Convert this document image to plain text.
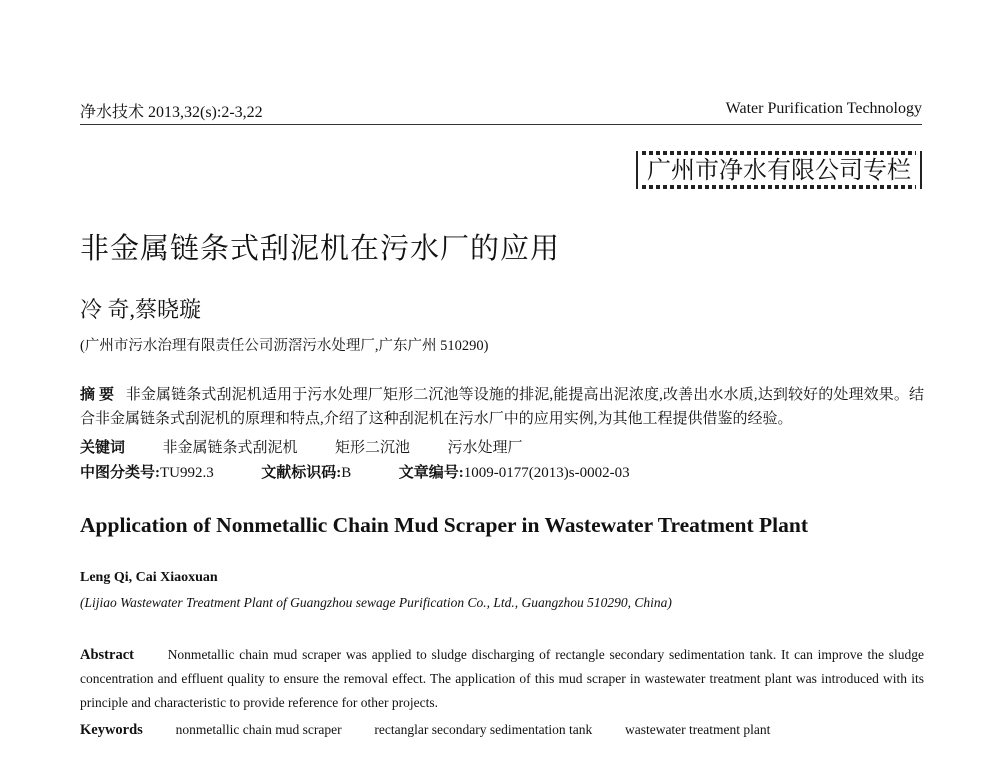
净水技术 2013,32(s):2-3,22	Water Purification Technology
广州市净水有限公司专栏
非金属链条式刮泥机在污水厂的应用
冷 奇,蔡晓璇
(广州市污水治理有限责任公司沥滘污水处理厂,广东广州 510290)
摘 要 非金属链条式刮泥机适用于污水处理厂矩形二沉池等设施的排泥,能提高出泥浓度,改善出水水质,达到较好的处理效果。结合非金属链条式刮泥机的原理和特点,介绍了这种刮泥机在污水厂中的应用实例,为其他工程提供借鉴的经验。
关键词	非金属链条式刮泥机	矩形二沉池	污水处理厂
中图分类号:TU992.3	文献标识码:B	文章编号:1009-0177(2013)s-0002-03
Application of Nonmetallic Chain Mud Scraper in Wastewater Treatment Plant
Leng Qi, Cai Xiaoxuan
(Lijiao Wastewater Treatment Plant of Guangzhou sewage Purification Co., Ltd., Guangzhou 510290, China)
Abstract Nonmetallic chain mud scraper was applied to sludge discharging of rectangle secondary sedimentation tank. It can improve the sludge concentration and effluent quality to ensure the removal effect. The application of this mud scraper in wastewater treatment plant was introduced with its principle and characteristic to provide reference for other projects.
Keywords nonmetallic chain mud scraper rectanglar secondary sedimentation tank wastewater treatment plant
